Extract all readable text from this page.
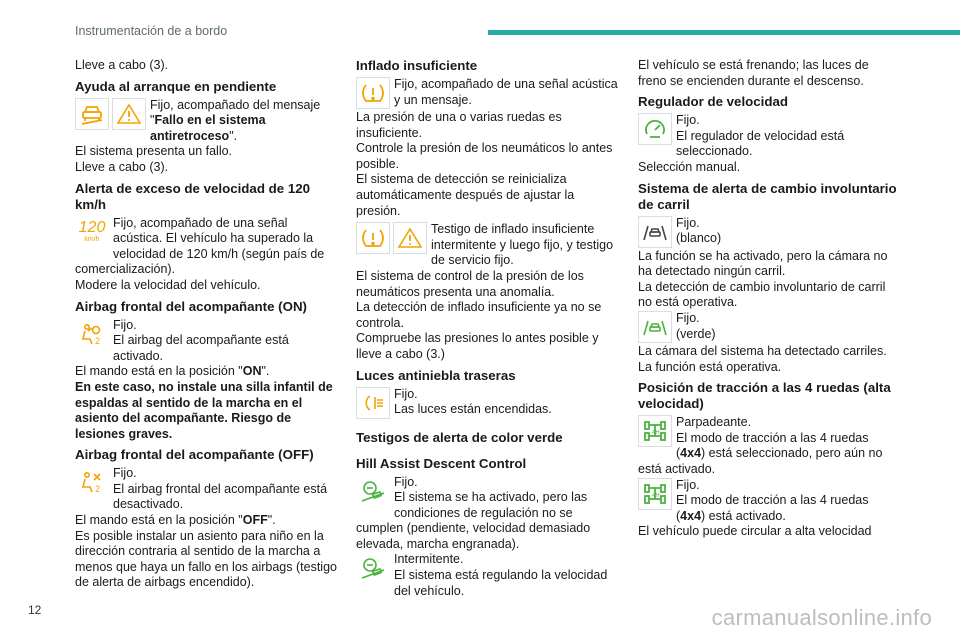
Instrumentación de a bordo

Lleve a cabo (3).

Ayuda al arranque en pendiente

Fijo, acompañado del mensaje "Fallo en el sistema antiretroceso".

El sistema presenta un fallo.

Lleve a cabo (3).

Alerta de exceso de velocidad de 120 km/h
120
km/h

Fijo, acompañado de una señal acústica. El vehículo ha superado la velocidad de 120 km/h (según país de comercialización).

Modere la velocidad del vehículo.

Airbag frontal del acompañante (ON)
2

Fijo.

El airbag del acompañante está activado.

El mando está en la posición "ON".

En este caso, no instale una silla infantil de espaldas al sentido de la marcha en el asiento del acompañante. Riesgo de lesiones graves.

Airbag frontal del acompañante (OFF)
2

Fijo.

El airbag frontal del acompañante está desactivado.

El mando está en la posición "OFF".

Es posible instalar un asiento para niño en la dirección contraria al sentido de la marcha a menos que haya un fallo en los airbags (testigo de alerta de airbags encendido).

Inflado insuficiente

Fijo, acompañado de una señal acústica y un mensaje.

La presión de una o varias ruedas es insuficiente.

Controle la presión de los neumáticos lo antes posible.

El sistema de detección se reinicializa automáticamente después de ajustar la presión.

Testigo de inflado insuficiente intermitente y luego fijo, y testigo de servicio fijo.

El sistema de control de la presión de los neumáticos presenta una anomalía.

La detección de inflado insuficiente ya no se controla.

Compruebe las presiones lo antes posible y lleve a cabo (3.)

Luces antiniebla traseras

Fijo.

Las luces están encendidas.

Testigos de alerta de color verde
Hill Assist Descent Control

Fijo.

El sistema se ha activado, pero las condiciones de regulación no se cumplen (pendiente, velocidad demasiado elevada, marcha engranada).

Intermitente.

El sistema está regulando la velocidad del vehículo.

El vehículo se está frenando; las luces de freno se encienden durante el descenso.

Regulador de velocidad

Fijo.

El regulador de velocidad está seleccionado.

Selección manual.

Sistema de alerta de cambio involuntario de carril

Fijo.

(blanco)

La función se ha activado, pero la cámara no ha detectado ningún carril.

La detección de cambio involuntario de carril no está operativa.

Fijo.

(verde)

La cámara del sistema ha detectado carriles.

La función está operativa.

Posición de tracción a las 4 ruedas (alta velocidad)
4H

Parpadeante.

El modo de tracción a las 4 ruedas (4x4) está seleccionado, pero aún no está activado.

4H

Fijo.

El modo de tracción a las 4 ruedas (4x4) está activado.

El vehículo puede circular a alta velocidad

12	carmanualsonline.info
